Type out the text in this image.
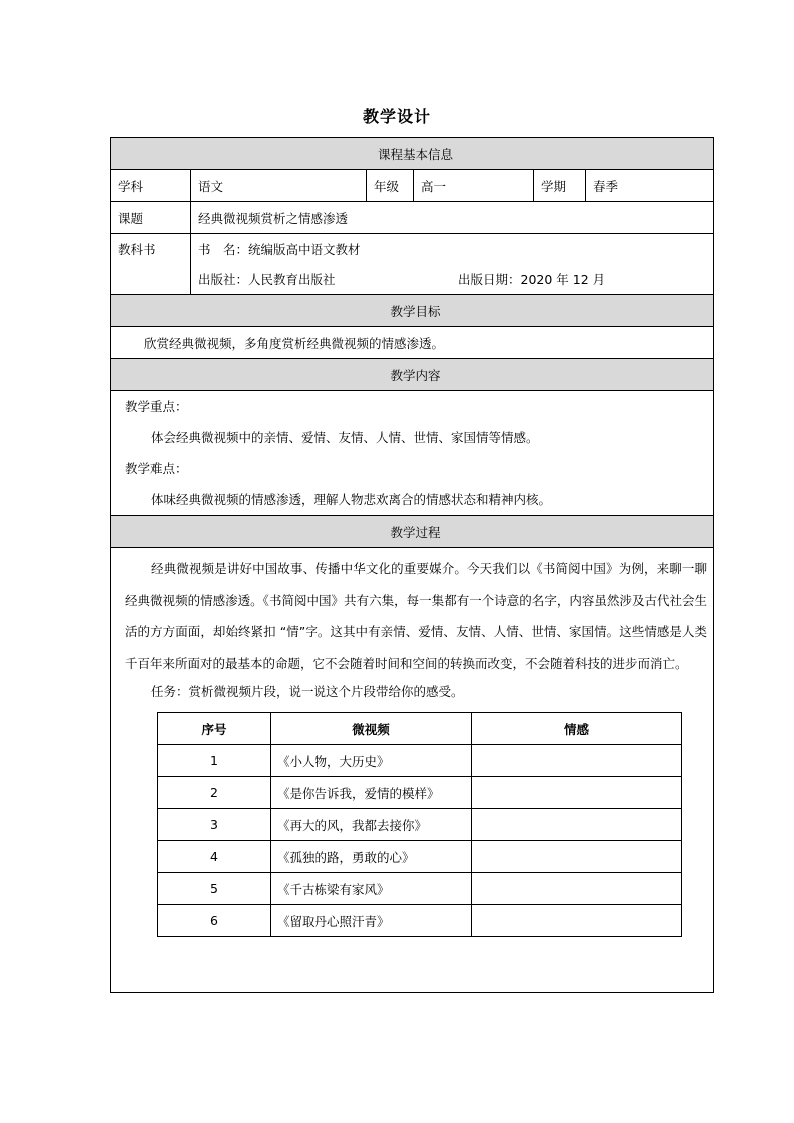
教学设计
课程基本信息
学科	语文	年级	高一	学期	春季
课题	经典微视频赏析之情感渗透
教科书	书　名：统编版高中语文教材
出版社：人民教育出版社	出版日期：2020 年 12 月
教学目标
欣赏经典微视频，多角度赏析经典微视频的情感渗透。
教学内容

教学重点：
体会经典微视频中的亲情、爱情、友情、人情、世情、家国情等情感。
教学难点：
体味经典微视频的情感渗透，理解人物悲欢离合的情感状态和精神内核。

教学过程

经典微视频是讲好中国故事、传播中华文化的重要媒介。今天我们以《书简阅中国》为例，来聊一聊经典微视频的情感渗透。《书简阅中国》共有六集，每一集都有一个诗意的名字，内容虽然涉及古代社会生活的方方面面，却始终紧扣 “情”字。这其中有亲情、爱情、友情、人情、世情、家国情。这些情感是人类千百年来所面对的最基本的命题，它不会随着时间和空间的转换而改变，不会随着科技的进步而消亡。
任务：赏析微视频片段，说一说这个片段带给你的感受。
序号	微视频	情感
1	《小人物，大历史》	
2	《是你告诉我，爱情的模样》	
3	《再大的风，我都去接你》	
4	《孤独的路，勇敢的心》	
5	《千古栋梁有家风》	
6	《留取丹心照汗青》	
